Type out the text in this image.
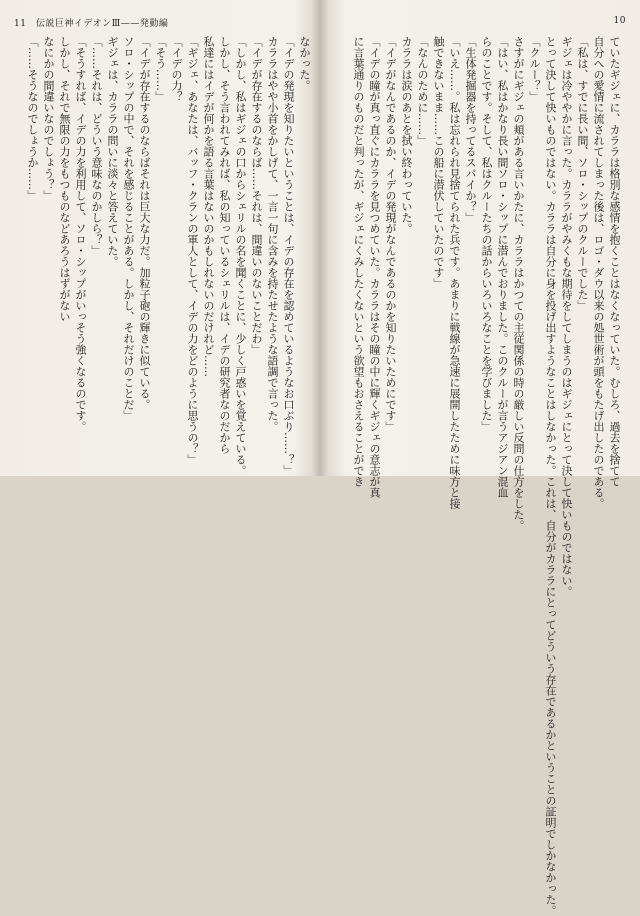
11 伝説巨神イデオンⅢ——発動編
なかった。
「イデの発現を知りたいということは、イデの存在を認めているようなお口ぶり……？」
カララはやや小首をかしげて、一言一句に含みを持たせたような語調で言った。
「イデが存在するのならば……それは、間違いのないことだわ」
「しかし、私はギジェの口からシェリルの名を聞くことに、少しく戸惑いを覚えている。
しかし、そう言われてみれば、私の知っているシェリルは、イデの研究者なのだから
私達にはイデが何かを語る言葉はないのかもしれないのだけれど……
「ギジェ、あなたは、バッフ・クランの軍人として、イデの力をどのように思うの？」
「イデの力？
「そう……」
「イデが存在するのならばそれは巨大な力だ。加粒子砲の輝きに似ている。
ソロ・シップの中で、それを感じることがある。しかし、それだけのことだ」
ギジェは、カララの問いに淡々と答えていた。
「……それは、どういう意味なのかしら？」
「そうすれば、イデの力を利用して、ソロ・シップがいっそう強くなるのです。
しかし、それで無限の力をもつものなどあろうはずがない
なにかの間違いなのでしょう？」
「……そうなのでしょうか……」
10
ていたギジェに、カララは格別な感情を抱くことはなくなっていた。むしろ、過去を捨てて
自分への愛情に流されてしまった後は、ロゴ・ダウ以来の処世術が頭をもたげ出したのである。
「私は、すでに長い間、ソロ・シップのクルーでした」
ギジェは冷ややかに言った。カララがやみくもな期待をしてしまうのはギジェにとって決して快いものではない。
とって決して快いものではない。カララは自分に身を投げ出すようなことはしなかった。これは、自分がカララにとってどういう存在であるかということの証明でしかなかった。
「クルー？」
さすがにギジェの頬がある言いかたに、カララはかつての主従関係の時の厳しい反問の仕方をした。
「はい、私はかなり長い間ソロ・シップに潜んでおりました。このクルーが言うアジアン混血
らのことです。そして、私はクルーたちの話からいろいろなことを学びました」
「生体発掘器を持ってるスパイか？」
「いえ……。私は忘れられ見捨てられた兵です。あまりに戦線が急速に展開したために味方と接
触できないまま……この船に潜伏していたのです」
「なんのために……」
カララは涙のあとを拭い終わっていた。
「イデがなんであるのか、イデの発現がなんであるのかを知りたいためにです」
「イデの瞳が真っ直ぐにカララを見つめていた。カララはその瞳の中に輝くギジェの意志が真
に言葉通りのものだと判ったが、ギジェにくみしたくないという欲望もおさえることができ
